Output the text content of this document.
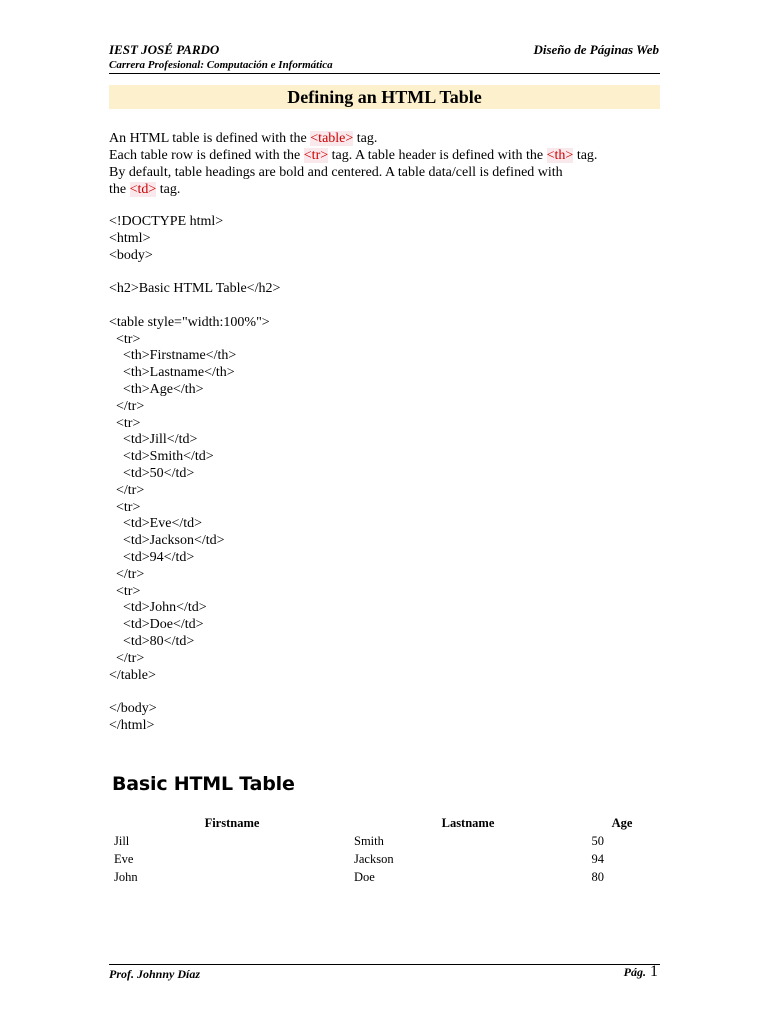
IEST JOSÉ PARDO	Diseño de Páginas Web
Carrera Profesional: Computación e Informática
Defining an HTML Table
An HTML table is defined with the <table> tag.
Each table row is defined with the <tr> tag. A table header is defined with the <th> tag.
By default, table headings are bold and centered. A table data/cell is defined with
the <td> tag.
<!DOCTYPE html>
<html>
<body>

<h2>Basic HTML Table</h2>

<table style="width:100%">
<tr>
<th>Firstname</th>
<th>Lastname</th>
<th>Age</th>
</tr>
<tr>
<td>Jill</td>
<td>Smith</td>
<td>50</td>
</tr>
<tr>
<td>Eve</td>
<td>Jackson</td>
<td>94</td>
</tr>
<tr>
<td>John</td>
<td>Doe</td>
<td>80</td>
</tr>
</table>

</body>
</html>
Basic HTML Table
Firstname	Lastname	Age
Jill	Smith	50
Eve	Jackson	94
John	Doe	80
Prof. Johnny Díaz	Pág. 1
